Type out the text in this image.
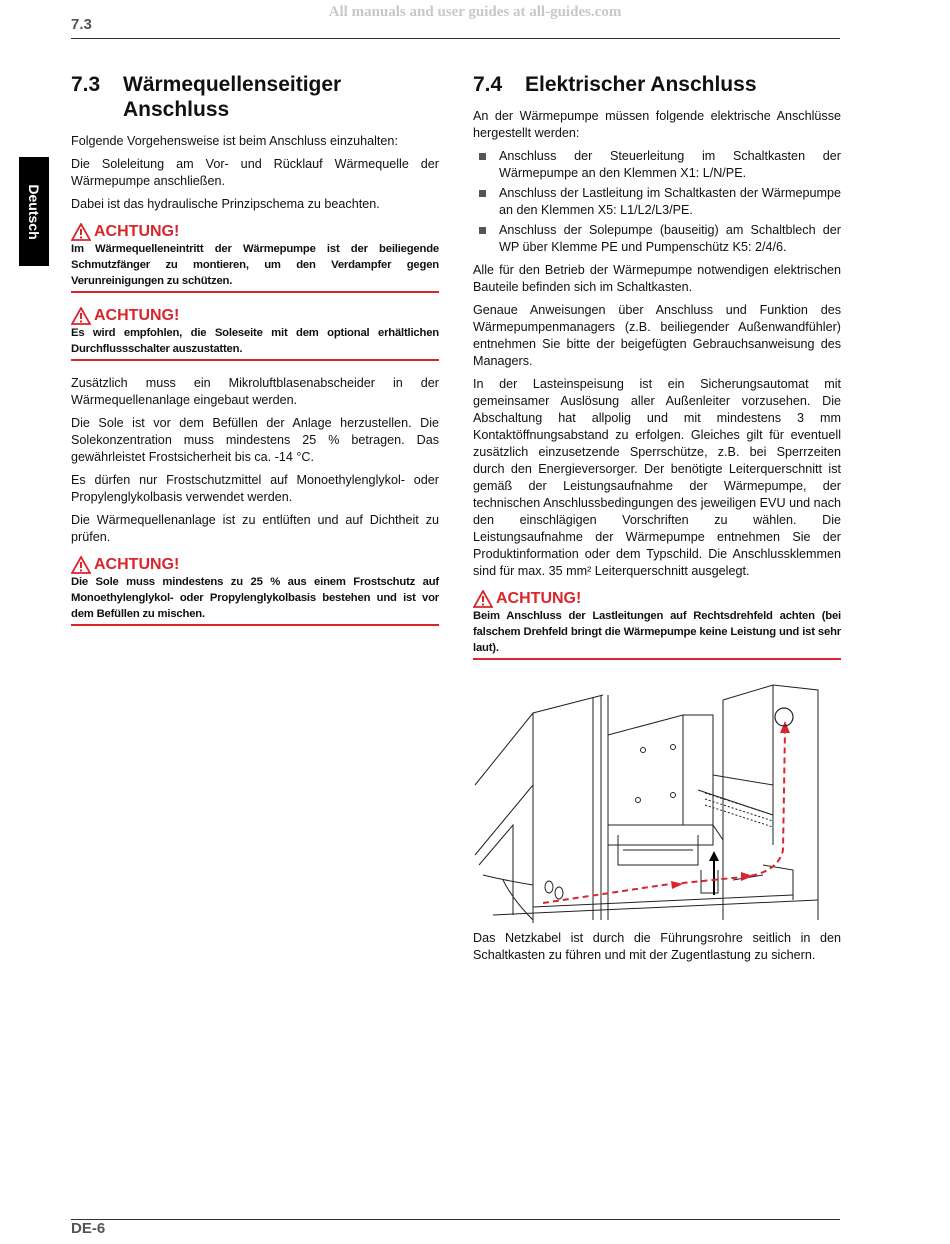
All manuals and user guides at all-guides.com
7.3
Deutsch
7.3	Wärmequellenseitiger
Anschluss

Folgende Vorgehensweise ist beim Anschluss einzuhalten:

Die Soleleitung am Vor- und Rücklauf Wärmequelle der Wärmepumpe anschließen.

Dabei ist das hydraulische Prinzipschema zu beachten.

ACHTUNG!
Im Wärmequelleneintritt der Wärmepumpe ist der beiliegende Schmutzfänger zu montieren, um den Verdampfer gegen Verunreinigungen zu schützen.
ACHTUNG!
Es wird empfohlen, die Soleseite mit dem optional erhältlichen Durchflussschalter auszustatten.

Zusätzlich muss ein Mikroluftblasenabscheider in der Wärmequellenanlage eingebaut werden.

Die Sole ist vor dem Befüllen der Anlage herzustellen. Die Solekonzentration muss mindestens 25 % betragen. Das gewährleistet Frostsicherheit bis ca. -14 °C.

Es dürfen nur Frostschutzmittel auf Monoethylenglykol- oder Propylenglykolbasis verwendet werden.

Die Wärmequellenanlage ist zu entlüften und auf Dichtheit zu prüfen.

ACHTUNG!
Die Sole muss mindestens zu 25 % aus einem Frostschutz auf Monoethylenglykol- oder Propylenglykolbasis bestehen und ist vor dem Befüllen zu mischen.
7.4	Elektrischer Anschluss

An der Wärmepumpe müssen folgende elektrische Anschlüsse hergestellt werden:

Anschluss der Steuerleitung im Schaltkasten der Wärmepumpe an den Klemmen X1: L/N/PE.
Anschluss der Lastleitung im Schaltkasten der Wärmepumpe an den Klemmen X5: L1/L2/L3/PE.
Anschluss der Solepumpe (bauseitig) am Schaltblech der WP über Klemme PE und Pumpenschütz K5: 2/4/6.

Alle für den Betrieb der Wärmepumpe notwendigen elektrischen Bauteile befinden sich im Schaltkasten.

Genaue Anweisungen über Anschluss und Funktion des Wärmepumpenmanagers (z.B. beiliegender Außenwandfühler) entnehmen Sie bitte der beigefügten Gebrauchsanweisung des Managers.

In der Lasteinspeisung ist ein Sicherungsautomat mit gemeinsamer Auslösung aller Außenleiter vorzusehen. Die Abschaltung hat allpolig und mit mindestens 3 mm Kontaktöffnungsabstand zu erfolgen. Gleiches gilt für eventuell zusätzlich einzusetzende Sperrschütze, z.B. bei Sperrzeiten durch den Energieversorger. Der benötigte Leiterquerschnitt ist gemäß der Leistungsaufnahme der Wärmepumpe, der technischen Anschlussbedingungen des jeweiligen EVU und nach den einschlägigen Vorschriften zu wählen. Die Leistungsaufnahme der Wärmepumpe entnehmen Sie der Produktinformation oder dem Typschild. Die Anschlussklemmen sind für max. 35 mm² Leiterquerschnitt ausgelegt.

ACHTUNG!
Beim Anschluss der Lastleitungen auf Rechtsdrehfeld achten (bei falschem Drehfeld bringt die Wärmepumpe keine Leistung und ist sehr laut).

Das Netzkabel ist durch die Führungsrohre seitlich in den Schaltkasten zu führen und mit der Zugentlastung zu sichern.

DE-6
